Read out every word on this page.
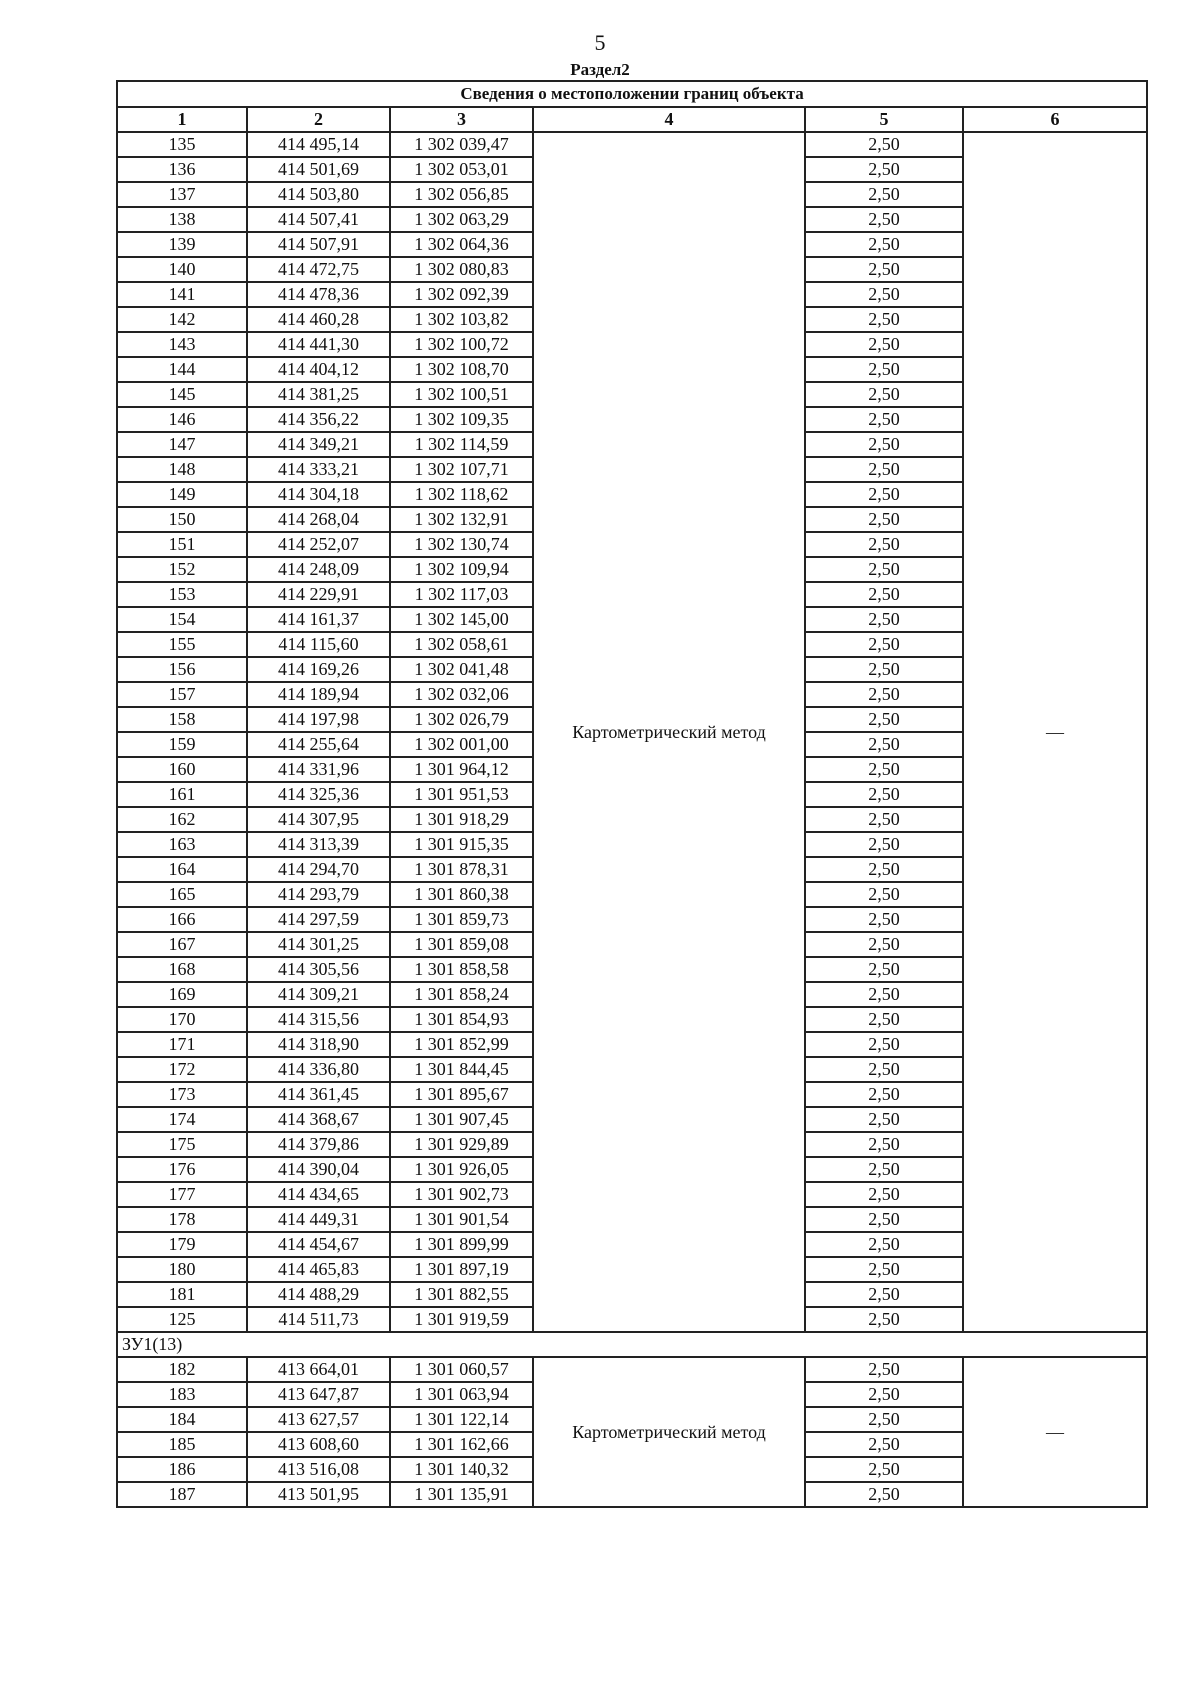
5
Раздел2
Сведения о местоположении границ объекта					
1	2	3	4	5	6
135	414 495,14	1 302 039,47	Картометрический метод	2,50	—
136	414 501,69	1 302 053,01		2,50	
137	414 503,80	1 302 056,85		2,50	
138	414 507,41	1 302 063,29		2,50	
139	414 507,91	1 302 064,36		2,50	
140	414 472,75	1 302 080,83		2,50	
141	414 478,36	1 302 092,39		2,50	
142	414 460,28	1 302 103,82		2,50	
143	414 441,30	1 302 100,72		2,50	
144	414 404,12	1 302 108,70		2,50	
145	414 381,25	1 302 100,51		2,50	
146	414 356,22	1 302 109,35		2,50	
147	414 349,21	1 302 114,59		2,50	
148	414 333,21	1 302 107,71		2,50	
149	414 304,18	1 302 118,62		2,50	
150	414 268,04	1 302 132,91		2,50	
151	414 252,07	1 302 130,74		2,50	
152	414 248,09	1 302 109,94		2,50	
153	414 229,91	1 302 117,03		2,50	
154	414 161,37	1 302 145,00		2,50	
155	414 115,60	1 302 058,61		2,50	
156	414 169,26	1 302 041,48		2,50	
157	414 189,94	1 302 032,06		2,50	
158	414 197,98	1 302 026,79		2,50	
159	414 255,64	1 302 001,00		2,50	
160	414 331,96	1 301 964,12		2,50	
161	414 325,36	1 301 951,53		2,50	
162	414 307,95	1 301 918,29		2,50	
163	414 313,39	1 301 915,35		2,50	
164	414 294,70	1 301 878,31		2,50	
165	414 293,79	1 301 860,38		2,50	
166	414 297,59	1 301 859,73		2,50	
167	414 301,25	1 301 859,08		2,50	
168	414 305,56	1 301 858,58		2,50	
169	414 309,21	1 301 858,24		2,50	
170	414 315,56	1 301 854,93		2,50	
171	414 318,90	1 301 852,99		2,50	
172	414 336,80	1 301 844,45		2,50	
173	414 361,45	1 301 895,67		2,50	
174	414 368,67	1 301 907,45		2,50	
175	414 379,86	1 301 929,89		2,50	
176	414 390,04	1 301 926,05		2,50	
177	414 434,65	1 301 902,73		2,50	
178	414 449,31	1 301 901,54		2,50	
179	414 454,67	1 301 899,99		2,50	
180	414 465,83	1 301 897,19		2,50	
181	414 488,29	1 301 882,55		2,50	
125	414 511,73	1 301 919,59		2,50	
ЗУ1(13)					
182	413 664,01	1 301 060,57	Картометрический метод	2,50	—
183	413 647,87	1 301 063,94		2,50	
184	413 627,57	1 301 122,14		2,50	
185	413 608,60	1 301 162,66		2,50	
186	413 516,08	1 301 140,32		2,50	
187	413 501,95	1 301 135,91		2,50	
